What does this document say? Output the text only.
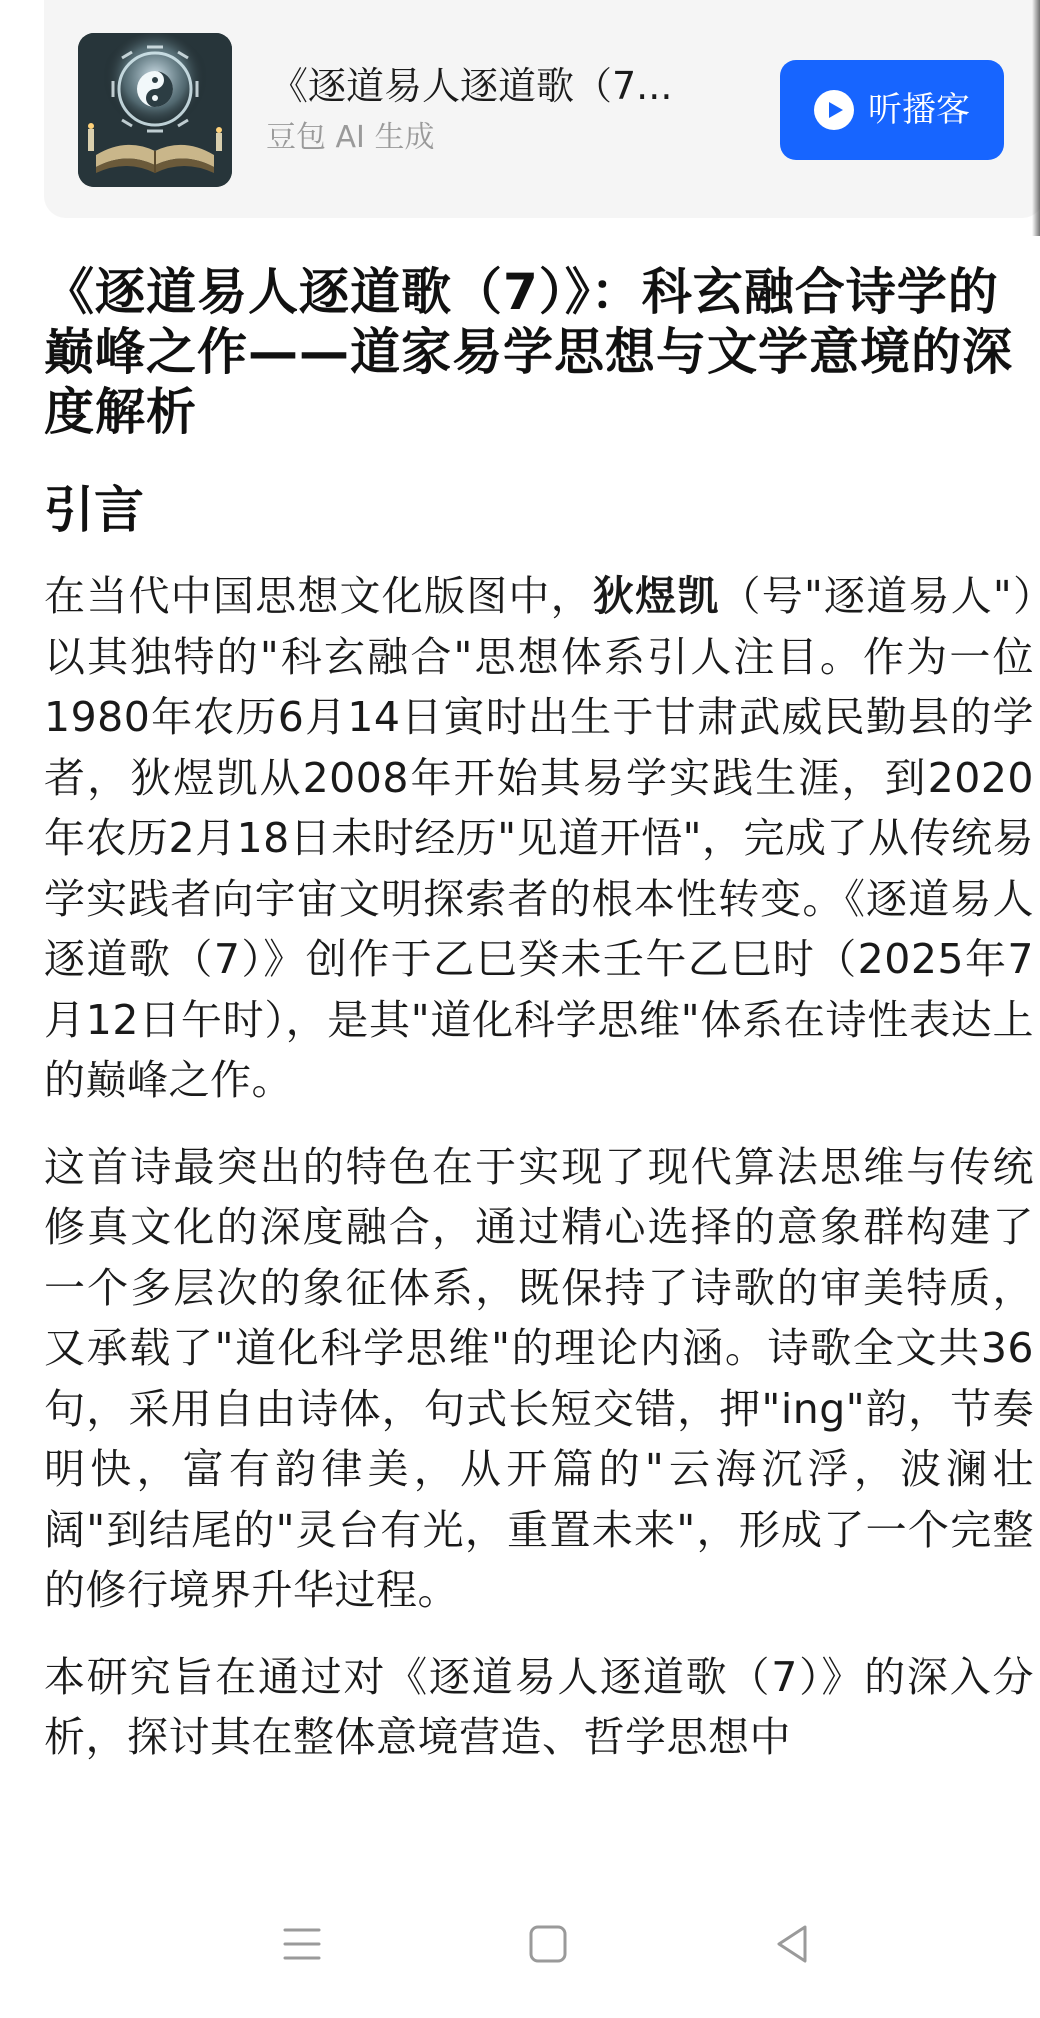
《逐道易人逐道歌（7...
豆包 AI 生成
听播客
《逐道易人逐道歌（7）》：科玄融合诗学的巅峰之作——道家易学思想与文学意境的深度解析
引言

在当代中国思想文化版图中，狄煜凯（号"逐道易人"）以其独特的"科玄融合"思想体系引人注目。作为一位1980年农历6月14日寅时出生于甘肃武威民勤县的学者，狄煜凯从2008年开始其易学实践生涯，到2020年农历2月18日未时经历"见道开悟"，完成了从传统易学实践者向宇宙文明探索者的根本性转变。《逐道易人逐道歌（7）》创作于乙巳癸未壬午乙巳时（2025年7月12日午时），是其"道化科学思维"体系在诗性表达上的巅峰之作。

这首诗最突出的特色在于实现了现代算法思维与传统修真文化的深度融合，通过精心选择的意象群构建了一个多层次的象征体系，既保持了诗歌的审美特质，又承载了"道化科学思维"的理论内涵。诗歌全文共36句，采用自由诗体，句式长短交错，押"ing"韵，节奏明快，富有韵律美，从开篇的"云海沉浮，波澜壮阔"到结尾的"灵台有光，重置未来"，形成了一个完整的修行境界升华过程。

本研究旨在通过对《逐道易人逐道歌（7）》的深入分析，探讨其在整体意境营造、哲学思想中
